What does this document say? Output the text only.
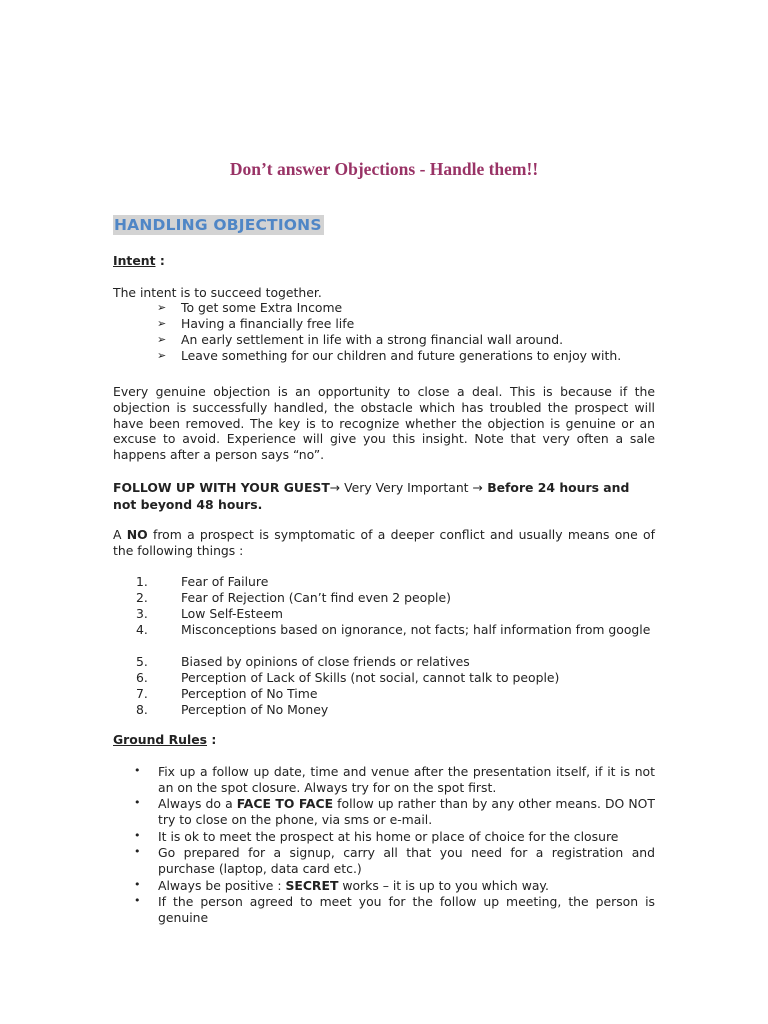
Don’t answer Objections - Handle them!!
HANDLING OBJECTIONS
Intent :
The intent is to succeed together.
➢ To get some Extra Income
➢ Having a financially free life
➢ An early settlement in life with a strong financial wall around.
➢ Leave something for our children and future generations to enjoy with.
Every genuine objection is an opportunity to close a deal. This is because if the objection is successfully handled, the obstacle which has troubled the prospect will have been removed. The key is to recognize whether the objection is genuine or an excuse to avoid. Experience will give you this insight. Note that very often a sale happens after a person says “no”.
FOLLOW UP WITH YOUR GUEST→ Very Very Important → Before 24 hours and
not beyond 48 hours.
A NO from a prospect is symptomatic of a deeper conflict and usually means one of the following things :
1.	Fear of Failure
2.	Fear of Rejection (Can’t find even 2 people)
3.	Low Self-Esteem
4.	Misconceptions based on ignorance, not facts; half information from google
5.	Biased by opinions of close friends or relatives
6.	Perception of Lack of Skills (not social, cannot talk to people)
7.	Perception of No Time
8.	Perception of No Money
Ground Rules :
• Fix up a follow up date, time and venue after the presentation itself, if it is not an on the spot closure. Always try for on the spot first.
• Always do a FACE TO FACE follow up rather than by any other means. DO NOT try to close on the phone, via sms or e-mail.
• It is ok to meet the prospect at his home or place of choice for the closure
• Go prepared for a signup, carry all that you need for a registration and purchase (laptop, data card etc.)
• Always be positive : SECRET works – it is up to you which way.
• If the person agreed to meet you for the follow up meeting, the person is genuine
